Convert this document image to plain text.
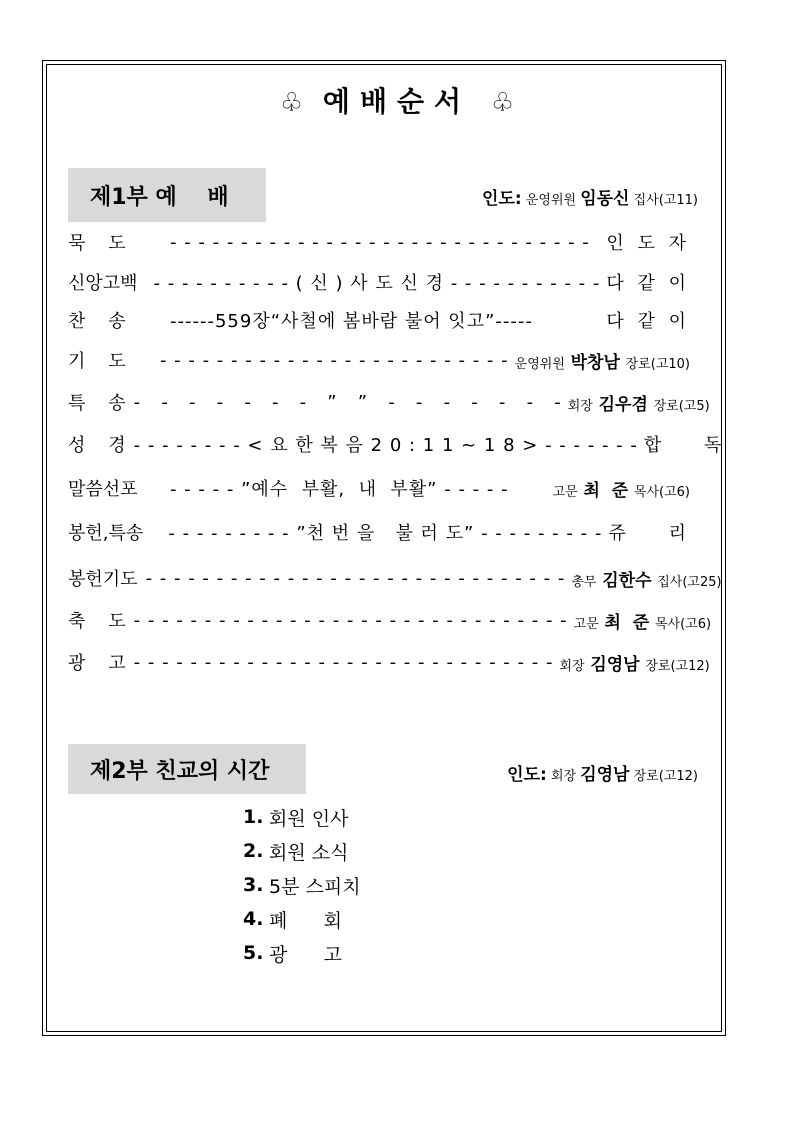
♧ 예배순서 ♧
제1부 예    배	인도: 운영위원 임동신 집사(고11)
묵    도	- - - - - - - - - - - - - - - - - - - - - - - - - - - - - - 인 도 자
신앙고백 - - - - - - - - - - ( 신 ) 사 도 신 경 - - - - - - - - - - - 다 같 이
찬    송	------559장“사철에 봄바람 불어 잇고”-----	다 같 이
기    도	- - - - - - - - - - - - - - - - - - - - - - - - - 운영위원 박창남 장로(고10)
특    송 -   -   -   -   -   -   -   ”   ”   -   -   -   -   -   -   - 회장 김우겸 장로(고5)
성    경 - - - - - - - - < 요 한 복 음 2 0 : 1 1 ~ 1 8 > - - - - - - - 합    독
말씀선포	- - - - - ”예수  부활,  내  부활” - - - - -	고문 최  준 목사(고6)
봉헌,특송	- - - - - - - - - ”천 번 을   불 러 도” - - - - - - - - - 쥬    리
봉헌기도 - - - - - - - - - - - - - - - - - - - - - - - - - - - - - - 총무 김한수 집사(고25)
축    도 - - - - - - - - - - - - - - - - - - - - - - - - - - - - - - - 고문 최  준 목사(고6)
광    고 - - - - - - - - - - - - - - - - - - - - - - - - - - - - - - 회장 김영남 장로(고12)
제2부 친교의 시간	인도: 회장 김영남 장로(고12)
1. 회원 인사
2. 회원 소식
3. 5분 스피치
4. 폐      회
5. 광      고
